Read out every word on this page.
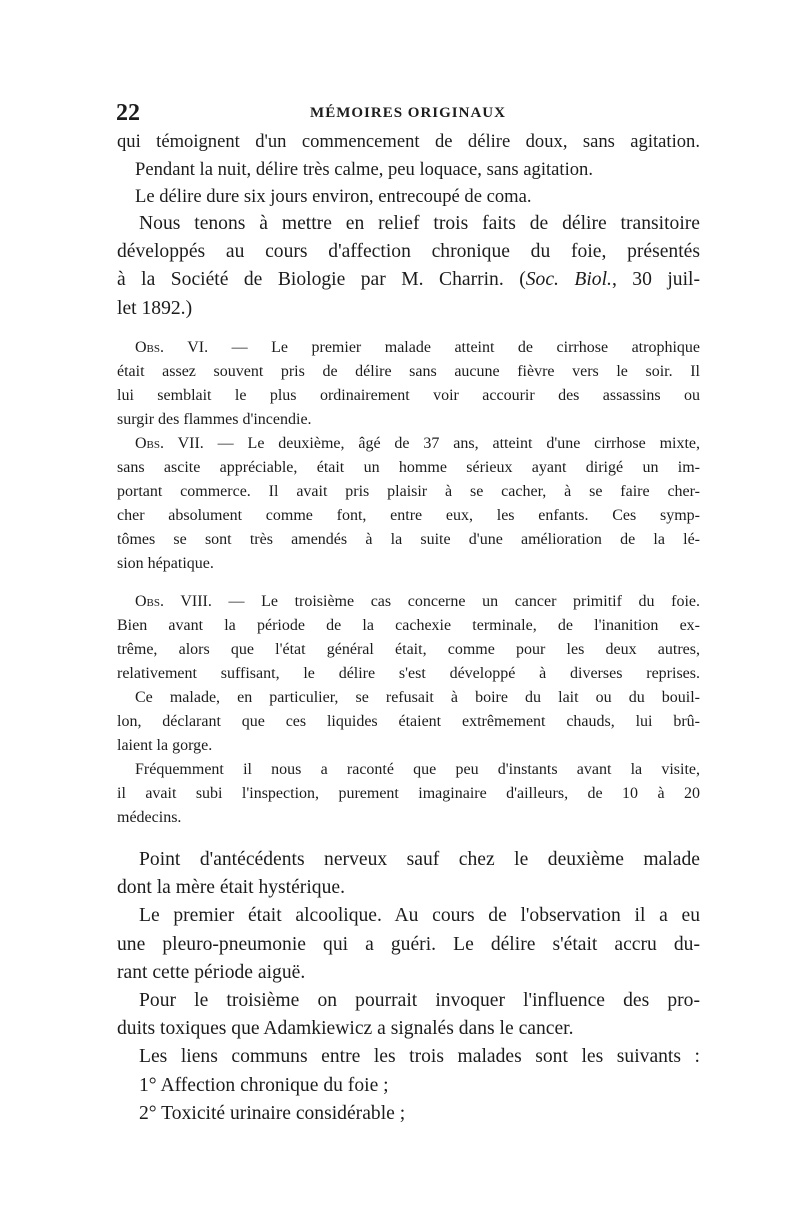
22	MÉMOIRES ORIGINAUX

qui témoignent d'un commencement de délire doux, sans agitation.

Pendant la nuit, délire très calme, peu loquace, sans agitation.

Le délire dure six jours environ, entrecoupé de coma.

Nous tenons à mettre en relief trois faits de délire transitoire

développés au cours d'affection chronique du foie, présentés

à la Société de Biologie par M. Charrin. (Soc. Biol., 30 juil-

let 1892.)

Obs. VI. — Le premier malade atteint de cirrhose atrophique

était assez souvent pris de délire sans aucune fièvre vers le soir. Il

lui semblait le plus ordinairement voir accourir des assassins ou

surgir des flammes d'incendie.

Obs. VII. — Le deuxième, âgé de 37 ans, atteint d'une cirrhose mixte,

sans ascite appréciable, était un homme sérieux ayant dirigé un im-

portant commerce. Il avait pris plaisir à se cacher, à se faire cher-

cher absolument comme font, entre eux, les enfants. Ces symp-

tômes se sont très amendés à la suite d'une amélioration de la lé-

sion hépatique.

Obs. VIII. — Le troisième cas concerne un cancer primitif du foie.

Bien avant la période de la cachexie terminale, de l'inanition ex-

trême, alors que l'état général était, comme pour les deux autres,

relativement suffisant, le délire s'est développé à diverses reprises.

Ce malade, en particulier, se refusait à boire du lait ou du bouil-

lon, déclarant que ces liquides étaient extrêmement chauds, lui brû-

laient la gorge.

Fréquemment il nous a raconté que peu d'instants avant la visite,

il avait subi l'inspection, purement imaginaire d'ailleurs, de 10 à 20

médecins.

Point d'antécédents nerveux sauf chez le deuxième malade

dont la mère était hystérique.

Le premier était alcoolique. Au cours de l'observation il a eu

une pleuro-pneumonie qui a guéri. Le délire s'était accru du-

rant cette période aiguë.

Pour le troisième on pourrait invoquer l'influence des pro-

duits toxiques que Adamkiewicz a signalés dans le cancer.

Les liens communs entre les trois malades sont les suivants :

1° Affection chronique du foie ;

2° Toxicité urinaire considérable ;
